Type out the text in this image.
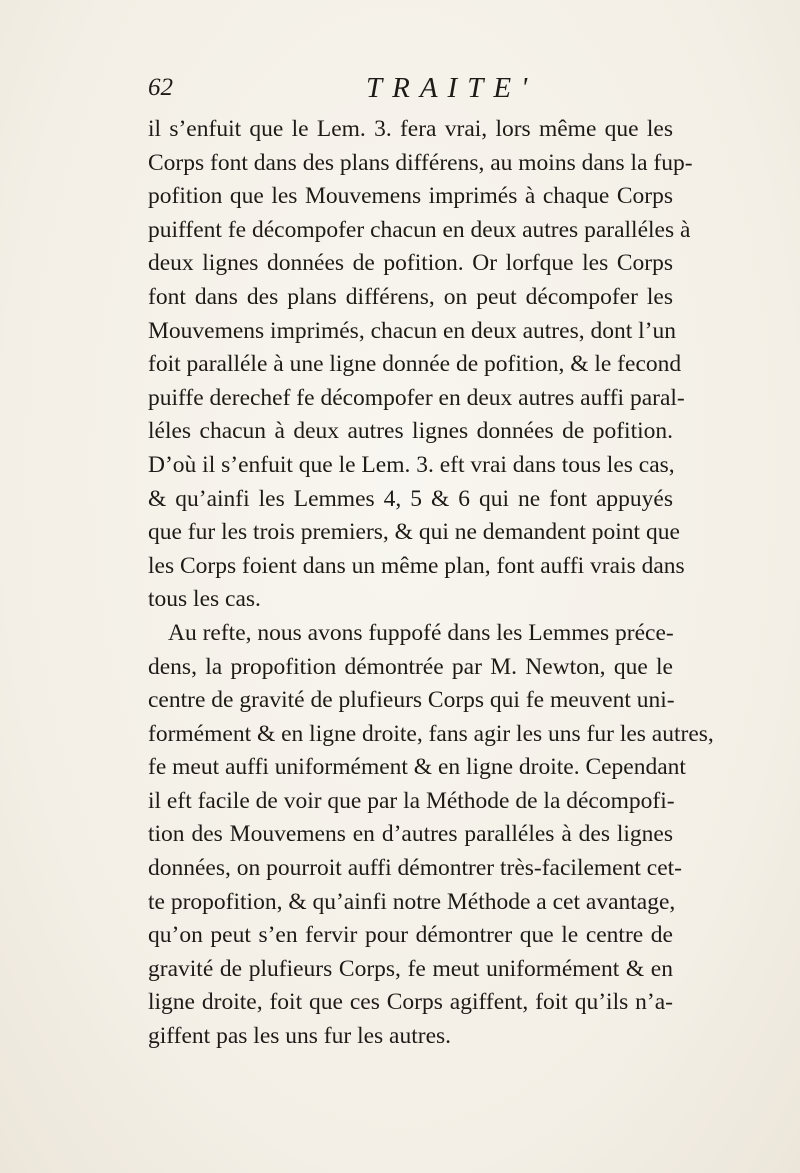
62	TRAITE'
il s’enfuit que le Lem. 3. fera vrai, lors même que les
Corps font dans des plans différens, au moins dans la fup-
pofition que les Mouvemens imprimés à chaque Corps
puiffent fe décompofer chacun en deux autres paralléles à
deux lignes données de pofition. Or lorfque les Corps
font dans des plans différens, on peut décompofer les
Mouvemens imprimés, chacun en deux autres, dont l’un
foit paralléle à une ligne donnée de pofition, & le fecond
puiffe derechef fe décompofer en deux autres auffi paral-
léles chacun à deux autres lignes données de pofition.
D’où il s’enfuit que le Lem. 3. eft vrai dans tous les cas,
& qu’ainfi les Lemmes 4, 5 & 6 qui ne font appuyés
que fur les trois premiers, & qui ne demandent point que
les Corps foient dans un même plan, font auffi vrais dans
tous les cas.
Au refte, nous avons fuppofé dans les Lemmes préce-
dens, la propofition démontrée par M. Newton, que le
centre de gravité de plufieurs Corps qui fe meuvent uni-
formément & en ligne droite, fans agir les uns fur les autres,
fe meut auffi uniformément & en ligne droite. Cependant
il eft facile de voir que par la Méthode de la décompofi-
tion des Mouvemens en d’autres paralléles à des lignes
données, on pourroit auffi démontrer très-facilement cet-
te propofition, & qu’ainfi notre Méthode a cet avantage,
qu’on peut s’en fervir pour démontrer que le centre de
gravité de plufieurs Corps, fe meut uniformément & en
ligne droite, foit que ces Corps agiffent, foit qu’ils n’a-
giffent pas les uns fur les autres.
